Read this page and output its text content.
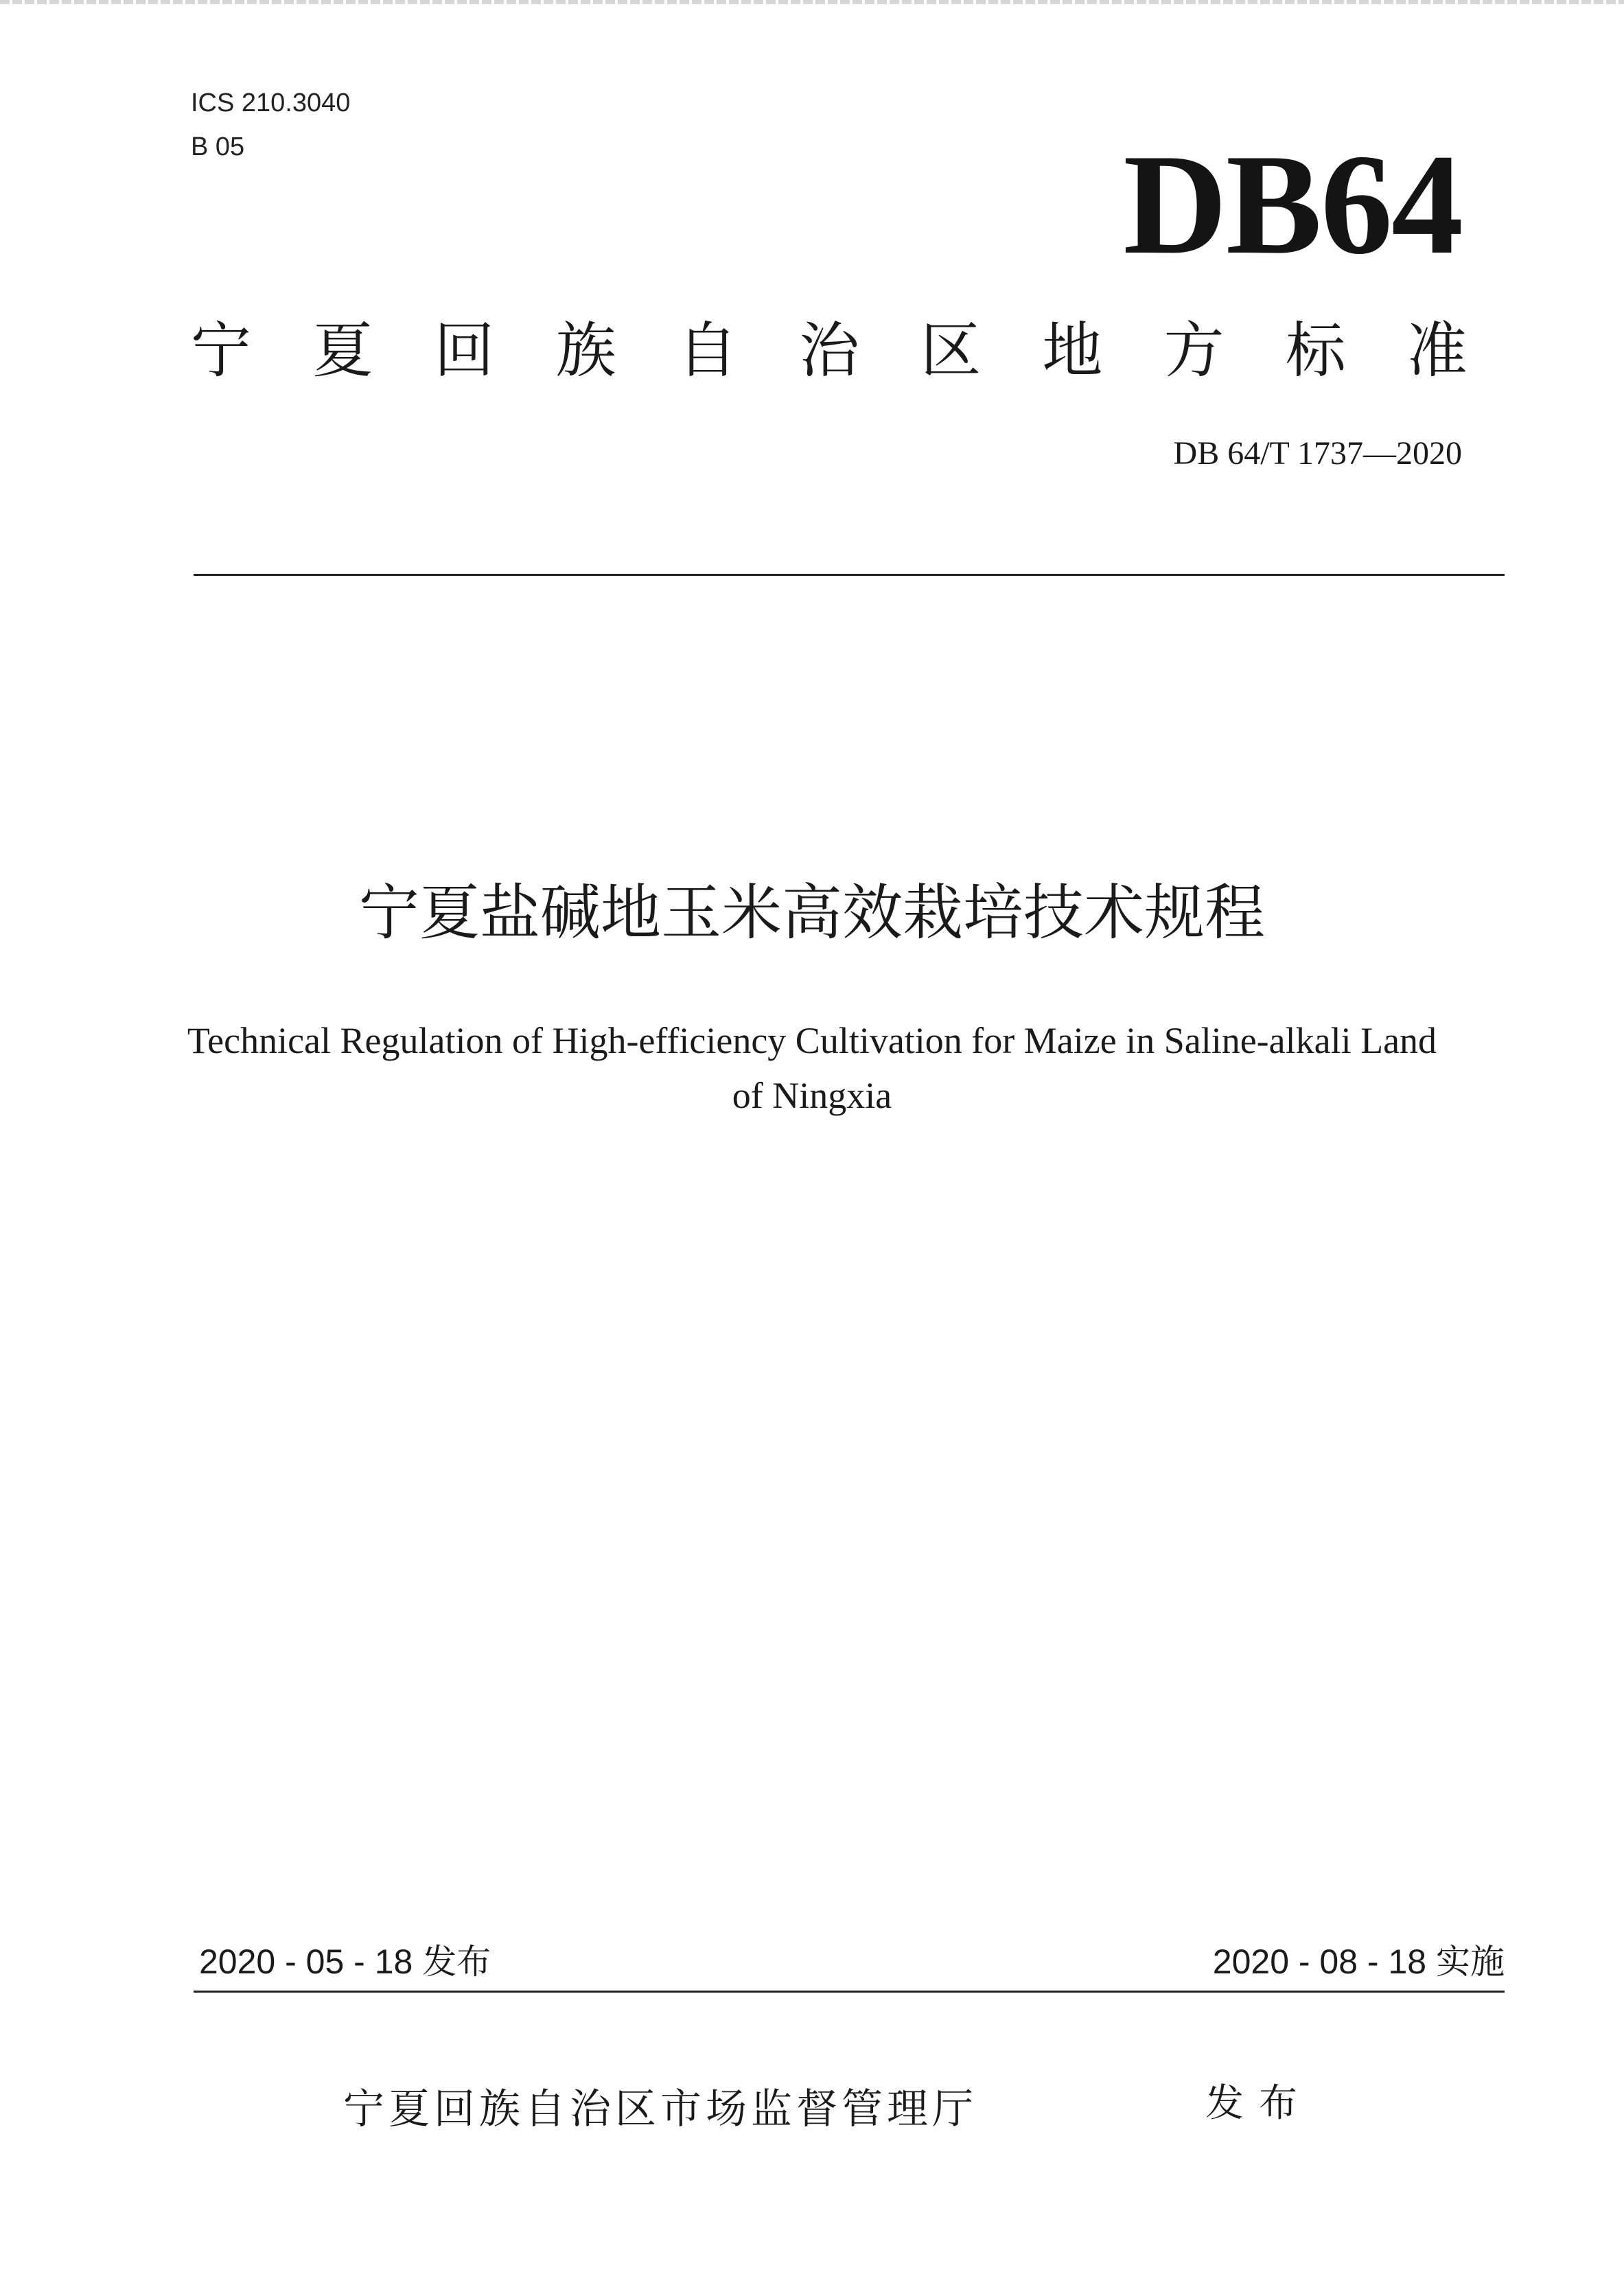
ICS 210.3040
B 05	DB64
宁 夏 回 族 自 治 区 地 方 标 准
DB 64/T 1737—2020
宁夏盐碱地玉米高效栽培技术规程
Technical Regulation of High-efficiency Cultivation for Maize in Saline-alkali Land
of Ningxia
2020 - 05 - 18 发布	2020 - 08 - 18 实施
宁夏回族自治区市场监督管理厅	发布
